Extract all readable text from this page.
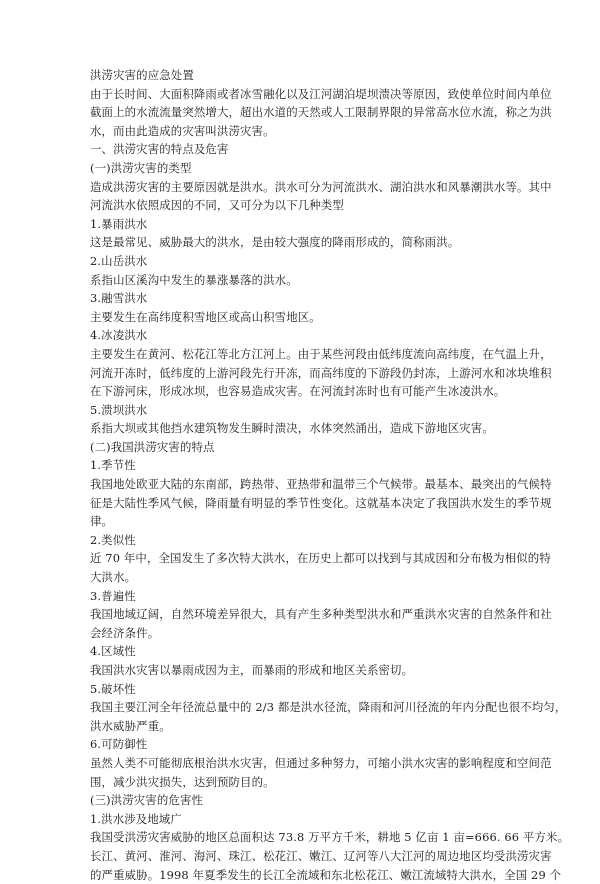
洪涝灾害的应急处置
由于长时间、大面积降雨或者冰雪融化以及江河湖泊堤坝溃决等原因，致使单位时间内单位
截面上的水流流量突然增大，超出水道的天然或人工限制界限的异常高水位水流，称之为洪
水，而由此造成的灾害叫洪涝灾害。
一、洪涝灾害的特点及危害
(一)洪涝灾害的类型
造成洪涝灾害的主要原因就是洪水。洪水可分为河流洪水、湖泊洪水和风暴潮洪水等。其中
河流洪水依照成因的不同，又可分为以下几种类型
1.暴雨洪水
这是最常见、威胁最大的洪水，是由较大强度的降雨形成的，简称雨洪。
2.山岳洪水
系指山区溪沟中发生的暴涨暴落的洪水。
3.融雪洪水
主要发生在高纬度积雪地区或高山积雪地区。
4.冰凌洪水
主要发生在黄河、松花江等北方江河上。由于某些河段由低纬度流向高纬度，在气温上升，
河流开冻时，低纬度的上游河段先行开冻，而高纬度的下游段仍封冻，上游河水和冰块堆积
在下游河床，形成冰坝，也容易造成灾害。在河流封冻时也有可能产生冰凌洪水。
5.溃坝洪水
系指大坝或其他挡水建筑物发生瞬时溃决，水体突然涌出，造成下游地区灾害。
(二)我国洪涝灾害的特点
1.季节性
我国地处欧亚大陆的东南部，跨热带、亚热带和温带三个气候带。最基本、最突出的气候特
征是大陆性季风气候，降雨量有明显的季节性变化。这就基本决定了我国洪水发生的季节规
律。
2.类似性
近 70 年中，全国发生了多次特大洪水，在历史上都可以找到与其成因和分布极为相似的特
大洪水。
3.普遍性
我国地域辽阔，自然环境差异很大，具有产生多种类型洪水和严重洪水灾害的自然条件和社
会经济条件。
4.区域性
我国洪水灾害以暴雨成因为主，而暴雨的形成和地区关系密切。
5.破坏性
我国主要江河全年径流总量中的 2/3 都是洪水径流，降雨和河川径流的年内分配也很不均匀，
洪水威胁严重。
6.可防御性
虽然人类不可能彻底根治洪水灾害，但通过多种努力，可缩小洪水灾害的影响程度和空间范
围，减少洪灾损失，达到预防目的。
(三)洪涝灾害的危害性
1.洪水涉及地域广
我国受洪涝灾害威胁的地区总面积达 73.8 万平方千米，耕地 5 亿亩 1 亩=666. 66 平方米。
长江、黄河、淮河、海河、珠江、松花江、嫩江、辽河等八大江河的周边地区均受洪涝灾害
的严重威胁。1998 年夏季发生的长江全流域和东北松花江、嫩江流域特大洪水，全国 29 个
